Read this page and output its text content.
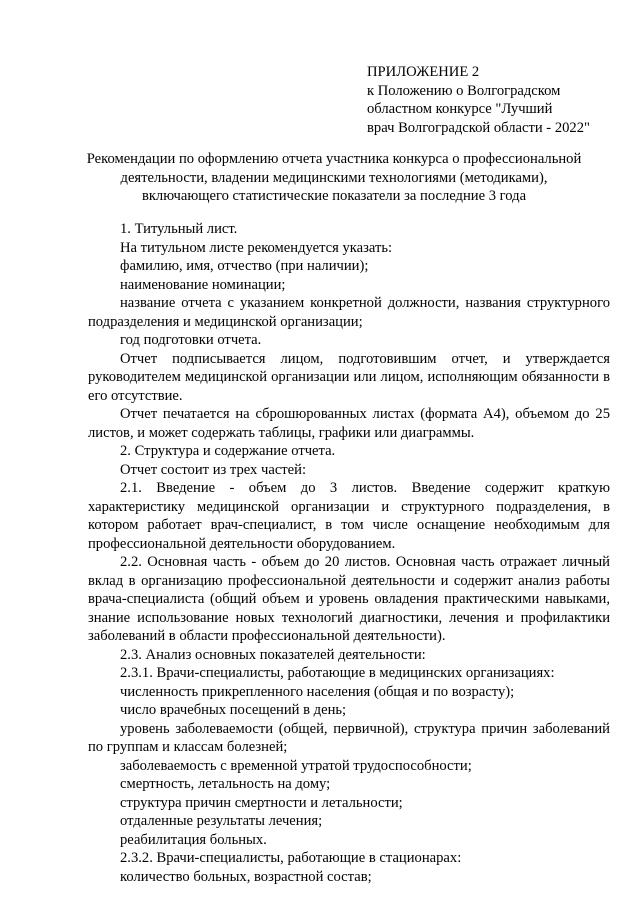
ПРИЛОЖЕНИЕ 2
к Положению о Волгоградском
областном конкурсе "Лучший
врач Волгоградской области - 2022"
Рекомендации по оформлению отчета участника конкурса о профессиональной
деятельности, владении медицинскими технологиями (методиками),
включающего статистические показатели за последние 3 года

1. Титульный лист.

На титульном листе рекомендуется указать:

фамилию, имя, отчество (при наличии);

наименование номинации;

название отчета с указанием конкретной должности, названия структурного подразделения и медицинской организации;

год подготовки отчета.

Отчет подписывается лицом, подготовившим отчет, и утверждается руководителем медицинской организации или лицом, исполняющим обязанности в его отсутствие.

Отчет печатается на сброшюрованных листах (формата А4), объемом до 25 листов, и может содержать таблицы, графики или диаграммы.

2. Структура и содержание отчета.

Отчет состоит из трех частей:

2.1. Введение - объем до 3 листов. Введение содержит краткую характеристику медицинской организации и структурного подразделения, в котором работает врач-специалист, в том числе оснащение необходимым для профессиональной деятельности оборудованием.

2.2. Основная часть - объем до 20 листов. Основная часть отражает личный вклад в организацию профессиональной деятельности и содержит анализ работы врача-специалиста (общий объем и уровень овладения практическими навыками, знание использование новых технологий диагностики, лечения и профилактики заболеваний в области профессиональной деятельности).

2.3. Анализ основных показателей деятельности:

2.3.1. Врачи-специалисты, работающие в медицинских организациях:

численность прикрепленного населения (общая и по возрасту);

число врачебных посещений в день;

уровень заболеваемости (общей, первичной), структура причин заболеваний по группам и классам болезней;

заболеваемость с временной утратой трудоспособности;

смертность, летальность на дому;

структура причин смертности и летальности;

отдаленные результаты лечения;

реабилитация больных.

2.3.2. Врачи-специалисты, работающие в стационарах:

количество больных, возрастной состав;
